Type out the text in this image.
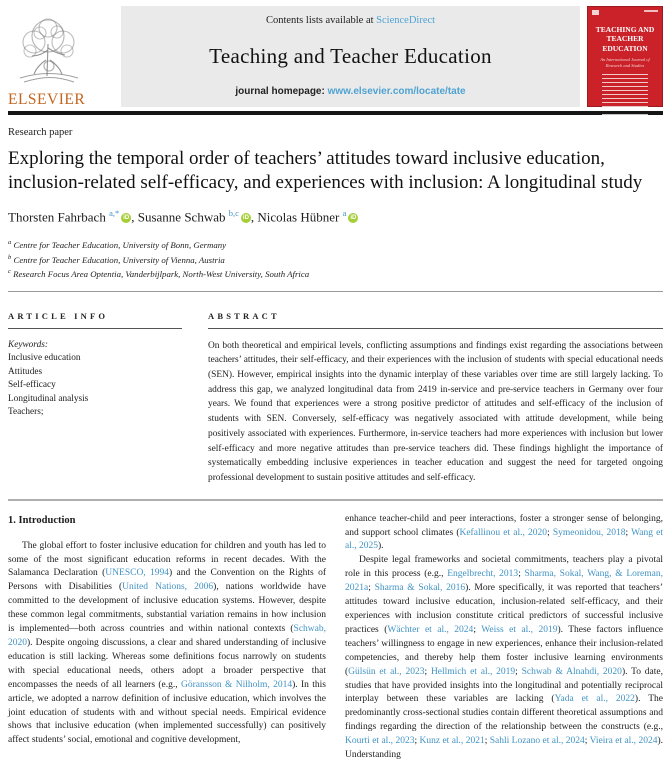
ELSEVIER
Contents lists available at ScienceDirect
Teaching and Teacher Education
journal homepage: www.elsevier.com/locate/tate
TEACHING AND TEACHER EDUCATION
An International Journal of Research and Studies
Research paper
Exploring the temporal order of teachers’ attitudes toward inclusive education, inclusion-related self-efficacy, and experiences with inclusion: A longitudinal study
Thorsten Fahrbach $^{a,*}$iD , Susanne Schwab $^{b,c}$iD , Nicolas Hübner $^a$iD
$^a$ Centre for Teacher Education, University of Bonn, Germany
$^b$ Centre for Teacher Education, University of Vienna, Austria
$^c$ Research Focus Area Optentia, Vanderbijlpark, North-West University, South Africa
ARTICLE INFO
Keywords:
Inclusive education
Attitudes
Self-efficacy
Longitudinal analysis
Teachers;
ABSTRACT
On both theoretical and empirical levels, conflicting assumptions and findings exist regarding the associations between teachers’ attitudes, their self-efficacy, and their experiences with the inclusion of students with special educational needs (SEN). However, empirical insights into the dynamic interplay of these variables over time are still largely lacking. To address this gap, we analyzed longitudinal data from 2419 in-service and pre-service teachers in Germany over four years. We found that experiences were a strong positive predictor of attitudes and self-efficacy of the inclusion of students with SEN. Conversely, self-efficacy was negatively associated with attitude development, while being positively associated with experiences. Furthermore, in-service teachers had more experiences with inclusion but lower self-efficacy and more negative attitudes than pre-service teachers did. These findings highlight the importance of systematically embedding inclusive experiences in teacher education and suggest the need for targeted ongoing professional development to sustain positive attitudes and self-efficacy.
1. Introduction

The global effort to foster inclusive education for children and youth has led to some of the most significant education reforms in recent decades. With the Salamanca Declaration (UNESCO, 1994) and the Convention on the Rights of Persons with Disabilities (United Nations, 2006), nations worldwide have committed to the development of inclusive education systems. However, despite these common legal commitments, substantial variation remains in how inclusion is implemented—both across countries and within national contexts (Schwab, 2020). Despite ongoing discussions, a clear and shared understanding of inclusive education is still lacking. Whereas some definitions focus narrowly on students with special educational needs, others adopt a broader perspective that encompasses the needs of all learners (e.g., Göransson & Nilholm, 2014). In this article, we adopted a narrow definition of inclusive education, which involves the joint education of students with and without special needs. Empirical evidence shows that inclusive education (when implemented successfully) can positively affect students’ social, emotional and cognitive development,

enhance teacher-child and peer interactions, foster a stronger sense of belonging, and support school climates (Kefallinou et al., 2020; Symeonidou, 2018; Wang et al., 2025).

Despite legal frameworks and societal commitments, teachers play a pivotal role in this process (e.g., Engelbrecht, 2013; Sharma, Sokal, Wang, & Loreman, 2021a; Sharma & Sokal, 2016). More specifically, it was reported that teachers’ attitudes toward inclusive education, inclusion-related self-efficacy, and their experiences with inclusion constitute critical predictors of successful inclusive practices (Wächter et al., 2024; Weiss et al., 2019). These factors influence teachers’ willingness to engage in new experiences, enhance their inclusion-related competencies, and thereby help them foster inclusive learning environments (Gülsün et al., 2023; Hellmich et al., 2019; Schwab & Alnahdi, 2020). To date, studies that have provided insights into the longitudinal and potentially reciprocal interplay between these variables are lacking (Yada et al., 2022). The predominantly cross-sectional studies contain different theoretical assumptions and findings regarding the direction of the relationship between the constructs (e.g., Kourti et al., 2023; Kunz et al., 2021; Sahli Lozano et al., 2024; Vieira et al., 2024). Understanding
